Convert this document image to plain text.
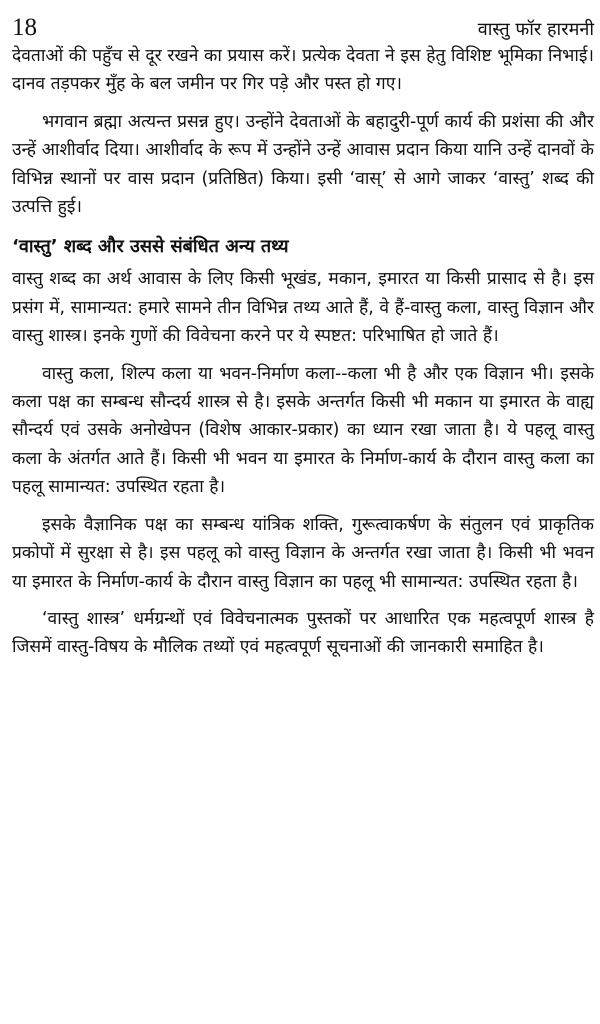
18	वास्तु फॉर हारमनी

देवताओं की पहुँच से दूर रखने का प्रयास करें। प्रत्येक देवता ने इस हेतु विशिष्ट भूमिका निभाई। दानव तड़पकर मुँह के बल जमीन पर गिर पड़े और पस्त हो गए।

भगवान ब्रह्मा अत्यन्त प्रसन्न हुए। उन्होंने देवताओं के बहादुरी-पूर्ण कार्य की प्रशंसा की और उन्हें आशीर्वाद दिया। आशीर्वाद के रूप में उन्होंने उन्हें आवास प्रदान किया यानि उन्हें दानवों के विभिन्न स्थानों पर वास प्रदान (प्रतिष्ठित) किया। इसी ‘वास्’ से आगे जाकर ‘वास्तु’ शब्द की उत्पत्ति हुई।

‘वास्तु’ शब्द और उससे संबंधित अन्य तथ्य

वास्तु शब्द का अर्थ आवास के लिए किसी भूखंड, मकान, इमारत या किसी प्रासाद से है। इस प्रसंग में, सामान्यत: हमारे सामने तीन विभिन्न तथ्य आते हैं, वे हैं-वास्तु कला, वास्तु विज्ञान और वास्तु शास्त्र। इनके गुणों की विवेचना करने पर ये स्पष्टत: परिभाषित हो जाते हैं।

वास्तु कला, शिल्प कला या भवन-निर्माण कला--कला भी है और एक विज्ञान भी। इसके कला पक्ष का सम्बन्ध सौन्दर्य शास्त्र से है। इसके अन्तर्गत किसी भी मकान या इमारत के वाह्य सौन्दर्य एवं उसके अनोखेपन (विशेष आकार-प्रकार) का ध्यान रखा जाता है। ये पहलू वास्तु कला के अंतर्गत आते हैं। किसी भी भवन या इमारत के निर्माण-कार्य के दौरान वास्तु कला का पहलू सामान्यत: उपस्थित रहता है।

इसके वैज्ञानिक पक्ष का सम्बन्ध यांत्रिक शक्ति, गुरूत्वाकर्षण के संतुलन एवं प्राकृतिक प्रकोपों में सुरक्षा से है। इस पहलू को वास्तु विज्ञान के अन्तर्गत रखा जाता है। किसी भी भवन या इमारत के निर्माण-कार्य के दौरान वास्तु विज्ञान का पहलू भी सामान्यत: उपस्थित रहता है।

‘वास्तु शास्त्र’ धर्मग्रन्थों एवं विवेचनात्मक पुस्तकों पर आधारित एक महत्वपूर्ण शास्त्र है जिसमें वास्तु-विषय के मौलिक तथ्यों एवं महत्वपूर्ण सूचनाओं की जानकारी समाहित है।
